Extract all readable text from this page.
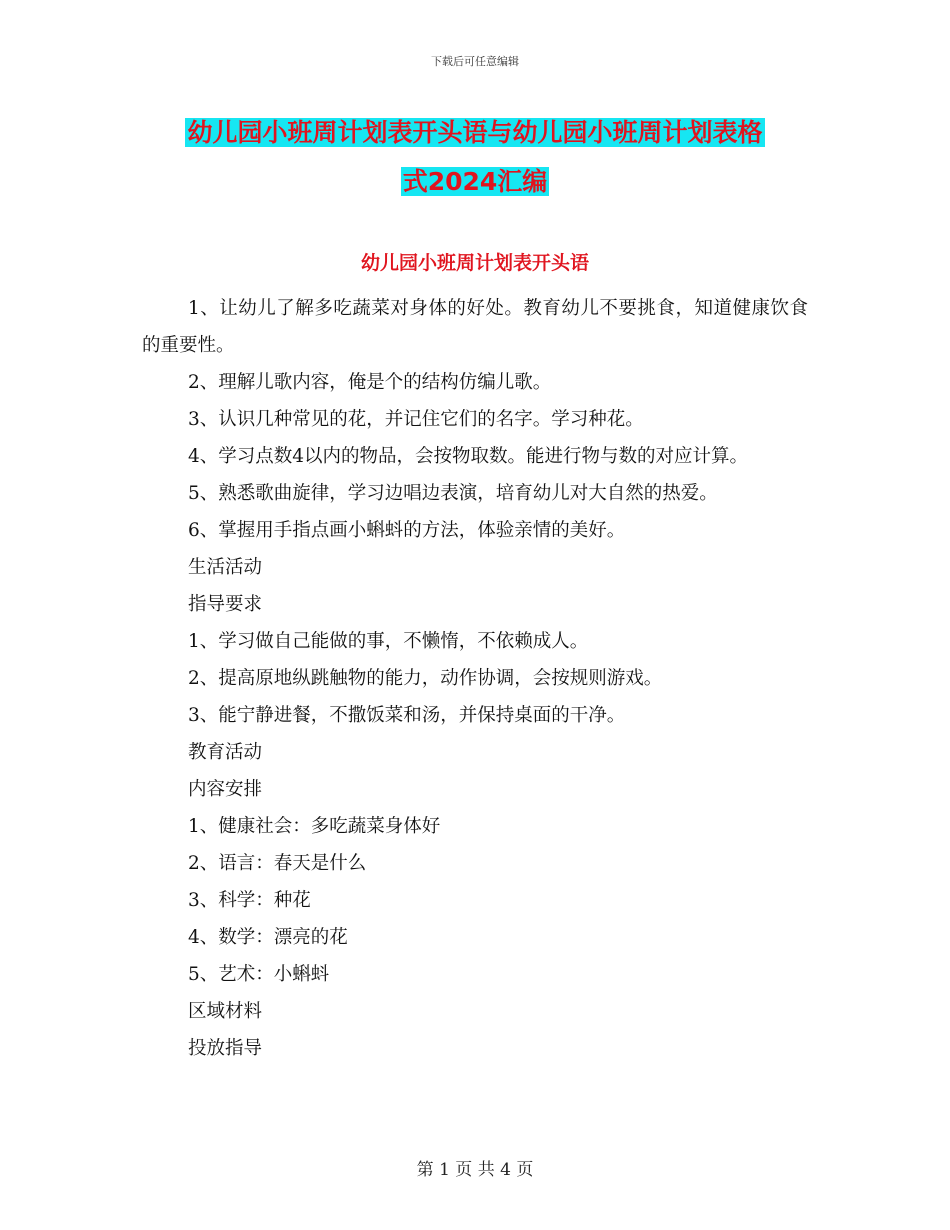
下载后可任意编辑
幼儿园小班周计划表开头语与幼儿园小班周计划表格
式2024汇编
幼儿园小班周计划表开头语

1、让幼儿了解多吃蔬菜对身体的好处。教育幼儿不要挑食，知道健康饮食的重要性。

2、理解儿歌内容，俺是个的结构仿编儿歌。

3、认识几种常见的花，并记住它们的名字。学习种花。

4、学习点数4以内的物品，会按物取数。能进行物与数的对应计算。

5、熟悉歌曲旋律，学习边唱边表演，培育幼儿对大自然的热爱。

6、掌握用手指点画小蝌蚪的方法，体验亲情的美好。

生活活动

指导要求

1、学习做自己能做的事，不懒惰，不依赖成人。

2、提高原地纵跳触物的能力，动作协调，会按规则游戏。

3、能宁静进餐，不撒饭菜和汤，并保持桌面的干净。

教育活动

内容安排

1、健康社会：多吃蔬菜身体好

2、语言：春天是什么

3、科学：种花

4、数学：漂亮的花

5、艺术：小蝌蚪

区域材料

投放指导

第 1 页 共 4 页
